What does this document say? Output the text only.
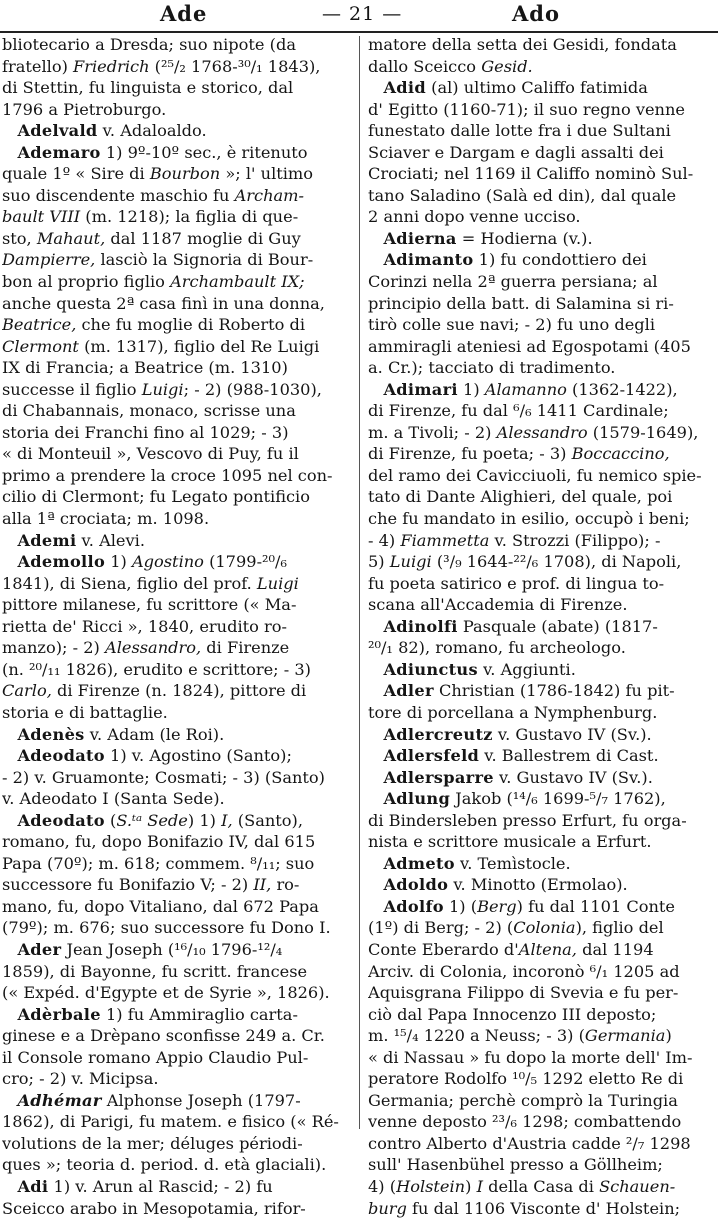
Ade	— 21 —	Ado
bliotecario a Dresda; suo nipote (da
fratello) Friedrich (²⁵/₂ 1768-³⁰/₁ 1843),
di Stettin, fu linguista e storico, dal
1796 a Pietroburgo.
Adelvald v. Adaloaldo.
Ademaro 1) 9º-10º sec., è ritenuto
quale 1º « Sire di Bourbon »; l' ultimo
suo discendente maschio fu Archam-
bault VIII (m. 1218); la figlia di que-
sto, Mahaut, dal 1187 moglie di Guy
Dampierre, lasciò la Signoria di Bour-
bon al proprio figlio Archambault IX;
anche questa 2ª casa finì in una donna,
Beatrice, che fu moglie di Roberto di
Clermont (m. 1317), figlio del Re Luigi
IX di Francia; a Beatrice (m. 1310)
successe il figlio Luigi; - 2) (988-1030),
di Chabannais, monaco, scrisse una
storia dei Franchi fino al 1029; - 3)
« di Monteuil », Vescovo di Puy, fu il
primo a prendere la croce 1095 nel con-
cilio di Clermont; fu Legato pontificio
alla 1ª crociata; m. 1098.
Ademi v. Alevi.
Ademollo 1) Agostino (1799-²⁰/₆
1841), di Siena, figlio del prof. Luigi
pittore milanese, fu scrittore (« Ma-
rietta de' Ricci », 1840, erudito ro-
manzo); - 2) Alessandro, di Firenze
(n. ²⁰/₁₁ 1826), erudito e scrittore; - 3)
Carlo, di Firenze (n. 1824), pittore di
storia e di battaglie.
Adenès v. Adam (le Roi).
Adeodato 1) v. Agostino (Santo);
- 2) v. Gruamonte; Cosmati; - 3) (Santo)
v. Adeodato I (Santa Sede).
Adeodato (S.ᵗᵃ Sede) 1) I, (Santo),
romano, fu, dopo Bonifazio IV, dal 615
Papa (70º); m. 618; commem. ⁸/₁₁; suo
successore fu Bonifazio V; - 2) II, ro-
mano, fu, dopo Vitaliano, dal 672 Papa
(79º); m. 676; suo successore fu Dono I.
Ader Jean Joseph (¹⁶/₁₀ 1796-¹²/₄
1859), di Bayonne, fu scritt. francese
(« Expéd. d'Egypte et de Syrie », 1826).
Adèrbale 1) fu Ammiraglio carta-
ginese e a Drèpano sconfisse 249 a. Cr.
il Console romano Appio Claudio Pul-
cro; - 2) v. Micipsa.
Adhémar Alphonse Joseph (1797-
1862), di Parigi, fu matem. e fisico (« Ré-
volutions de la mer; déluges périodi-
ques »; teoria d. period. d. età glaciali).
Adi 1) v. Arun al Rascid; - 2) fu
Sceicco arabo in Mesopotamia, rifor-
matore della setta dei Gesidi, fondata
dallo Sceicco Gesid.
Adid (al) ultimo Califfo fatimida
d' Egitto (1160-71); il suo regno venne
funestato dalle lotte fra i due Sultani
Sciaver e Dargam e dagli assalti dei
Crociati; nel 1169 il Califfo nominò Sul-
tano Saladino (Salà ed din), dal quale
2 anni dopo venne ucciso.
Adierna = Hodierna (v.).
Adimanto 1) fu condottiero dei
Corinzi nella 2ª guerra persiana; al
principio della batt. di Salamina si ri-
tirò colle sue navi; - 2) fu uno degli
ammiragli ateniesi ad Egospotami (405
a. Cr.); tacciato di tradimento.
Adimari 1) Alamanno (1362-1422),
di Firenze, fu dal ⁶/₆ 1411 Cardinale;
m. a Tivoli; - 2) Alessandro (1579-1649),
di Firenze, fu poeta; - 3) Boccaccino,
del ramo dei Cavicciuoli, fu nemico spie-
tato di Dante Alighieri, del quale, poi
che fu mandato in esilio, occupò i beni;
- 4) Fiammetta v. Strozzi (Filippo); -
5) Luigi (³/₉ 1644-²²/₆ 1708), di Napoli,
fu poeta satirico e prof. di lingua to-
scana all'Accademia di Firenze.
Adinolfi Pasquale (abate) (1817-
²⁰/₁ 82), romano, fu archeologo.
Adiunctus v. Aggiunti.
Adler Christian (1786-1842) fu pit-
tore di porcellana a Nymphenburg.
Adlercreutz v. Gustavo IV (Sv.).
Adlersfeld v. Ballestrem di Cast.
Adlersparre v. Gustavo IV (Sv.).
Adlung Jakob (¹⁴/₆ 1699-⁵/₇ 1762),
di Bindersleben presso Erfurt, fu orga-
nista e scrittore musicale a Erfurt.
Admeto v. Temìstocle.
Adoldo v. Minotto (Ermolao).
Adolfo 1) (Berg) fu dal 1101 Conte
(1º) di Berg; - 2) (Colonia), figlio del
Conte Eberardo d'Altena, dal 1194
Arciv. di Colonia, incoronò ⁶/₁ 1205 ad
Aquisgrana Filippo di Svevia e fu per-
ciò dal Papa Innocenzo III deposto;
m. ¹⁵/₄ 1220 a Neuss; - 3) (Germania)
« di Nassau » fu dopo la morte dell' Im-
peratore Rodolfo ¹⁰/₅ 1292 eletto Re di
Germania; perchè comprò la Turingia
venne deposto ²³/₆ 1298; combattendo
contro Alberto d'Austria cadde ²/₇ 1298
sull' Hasenbühel presso a Göllheim;
4) (Holstein) I della Casa di Schauen-
burg fu dal 1106 Visconte d' Holstein;
